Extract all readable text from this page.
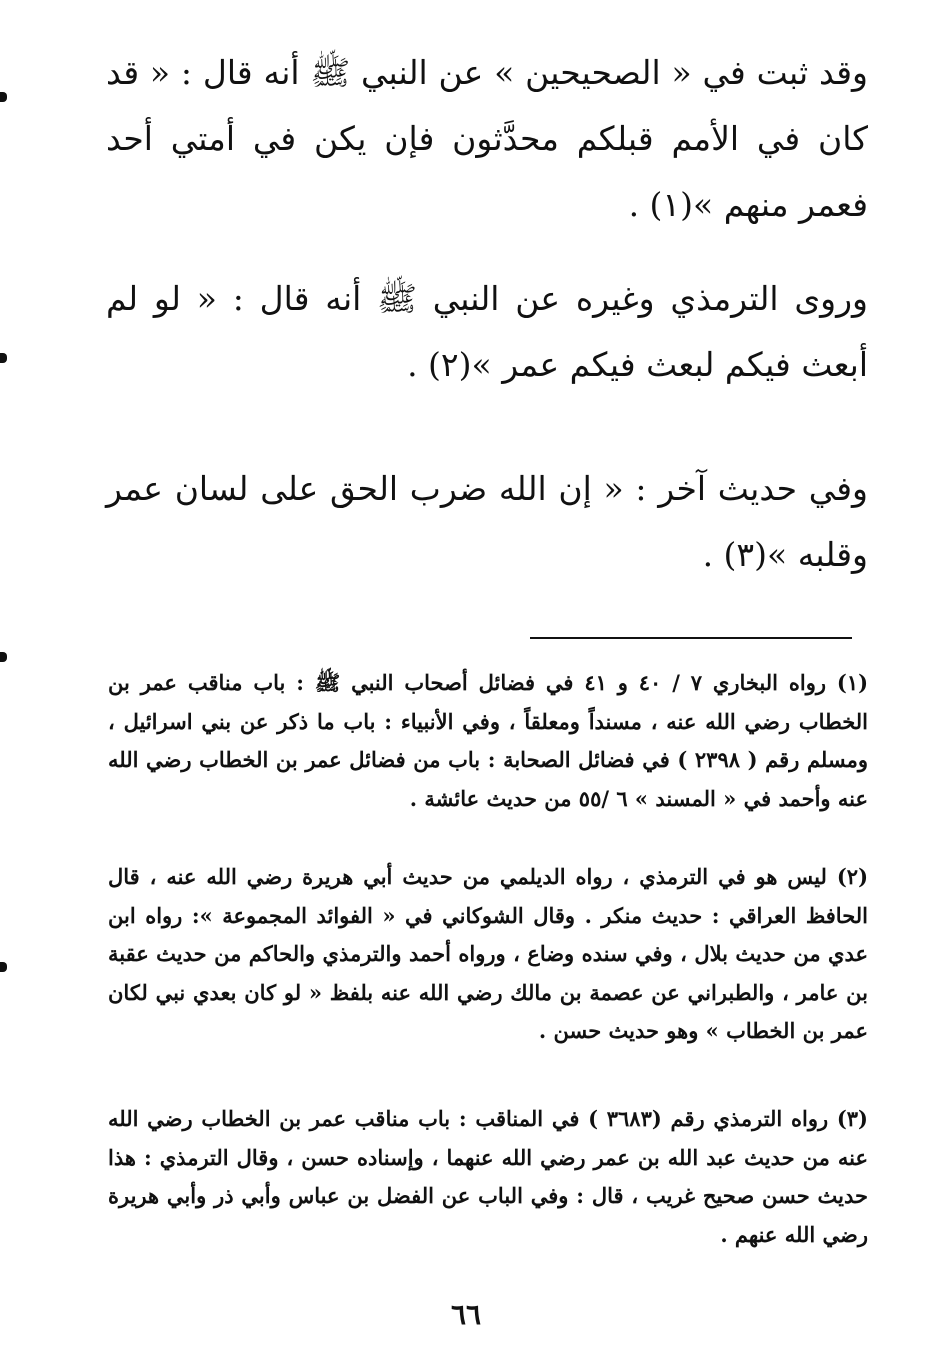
وقد ثبت في « الصحيحين » عن النبي ﷺ أنه قال : « قد كان في الأمم قبلكم محدَّثون فإن يكن في أمتي أحد فعمر منهم »(١) .

وروى الترمذي وغيره عن النبي ﷺ أنه قال : « لو لم أبعث فيكم لبعث فيكم عمر »(٢) .

وفي حديث آخر : « إن الله ضرب الحق على لسان عمر وقلبه »(٣) .

(١) رواه البخاري ٧ / ٤٠ و ٤١ في فضائل أصحاب النبي ﷺ : باب مناقب عمر بن الخطاب رضي الله عنه ، مسنداً ومعلقاً ، وفي الأنبياء : باب ما ذكر عن بني اسرائيل ، ومسلم رقم ( ٢٣٩٨ ) في فضائل الصحابة : باب من فضائل عمر بن الخطاب رضي الله عنه وأحمد في « المسند » ٦ /٥٥ من حديث عائشة .

(٢) ليس هو في الترمذي ، رواه الديلمي من حديث أبي هريرة رضي الله عنه ، قال الحافظ العراقي : حديث منكر . وقال الشوكاني في « الفوائد المجموعة »: رواه ابن عدي من حديث بلال ، وفي سنده وضاع ، ورواه أحمد والترمذي والحاكم من حديث عقبة بن عامر ، والطبراني عن عصمة بن مالك رضي الله عنه بلفظ « لو كان بعدي نبي لكان عمر بن الخطاب » وهو حديث حسن .

(٣) رواه الترمذي رقم (٣٦٨٣ ) في المناقب : باب مناقب عمر بن الخطاب رضي الله عنه من حديث عبد الله بن عمر رضي الله عنهما ، وإسناده حسن ، وقال الترمذي : هذا حديث حسن صحيح غريب ، قال : وفي الباب عن الفضل بن عباس وأبي ذر وأبي هريرة رضي الله عنهم .

٦٦
